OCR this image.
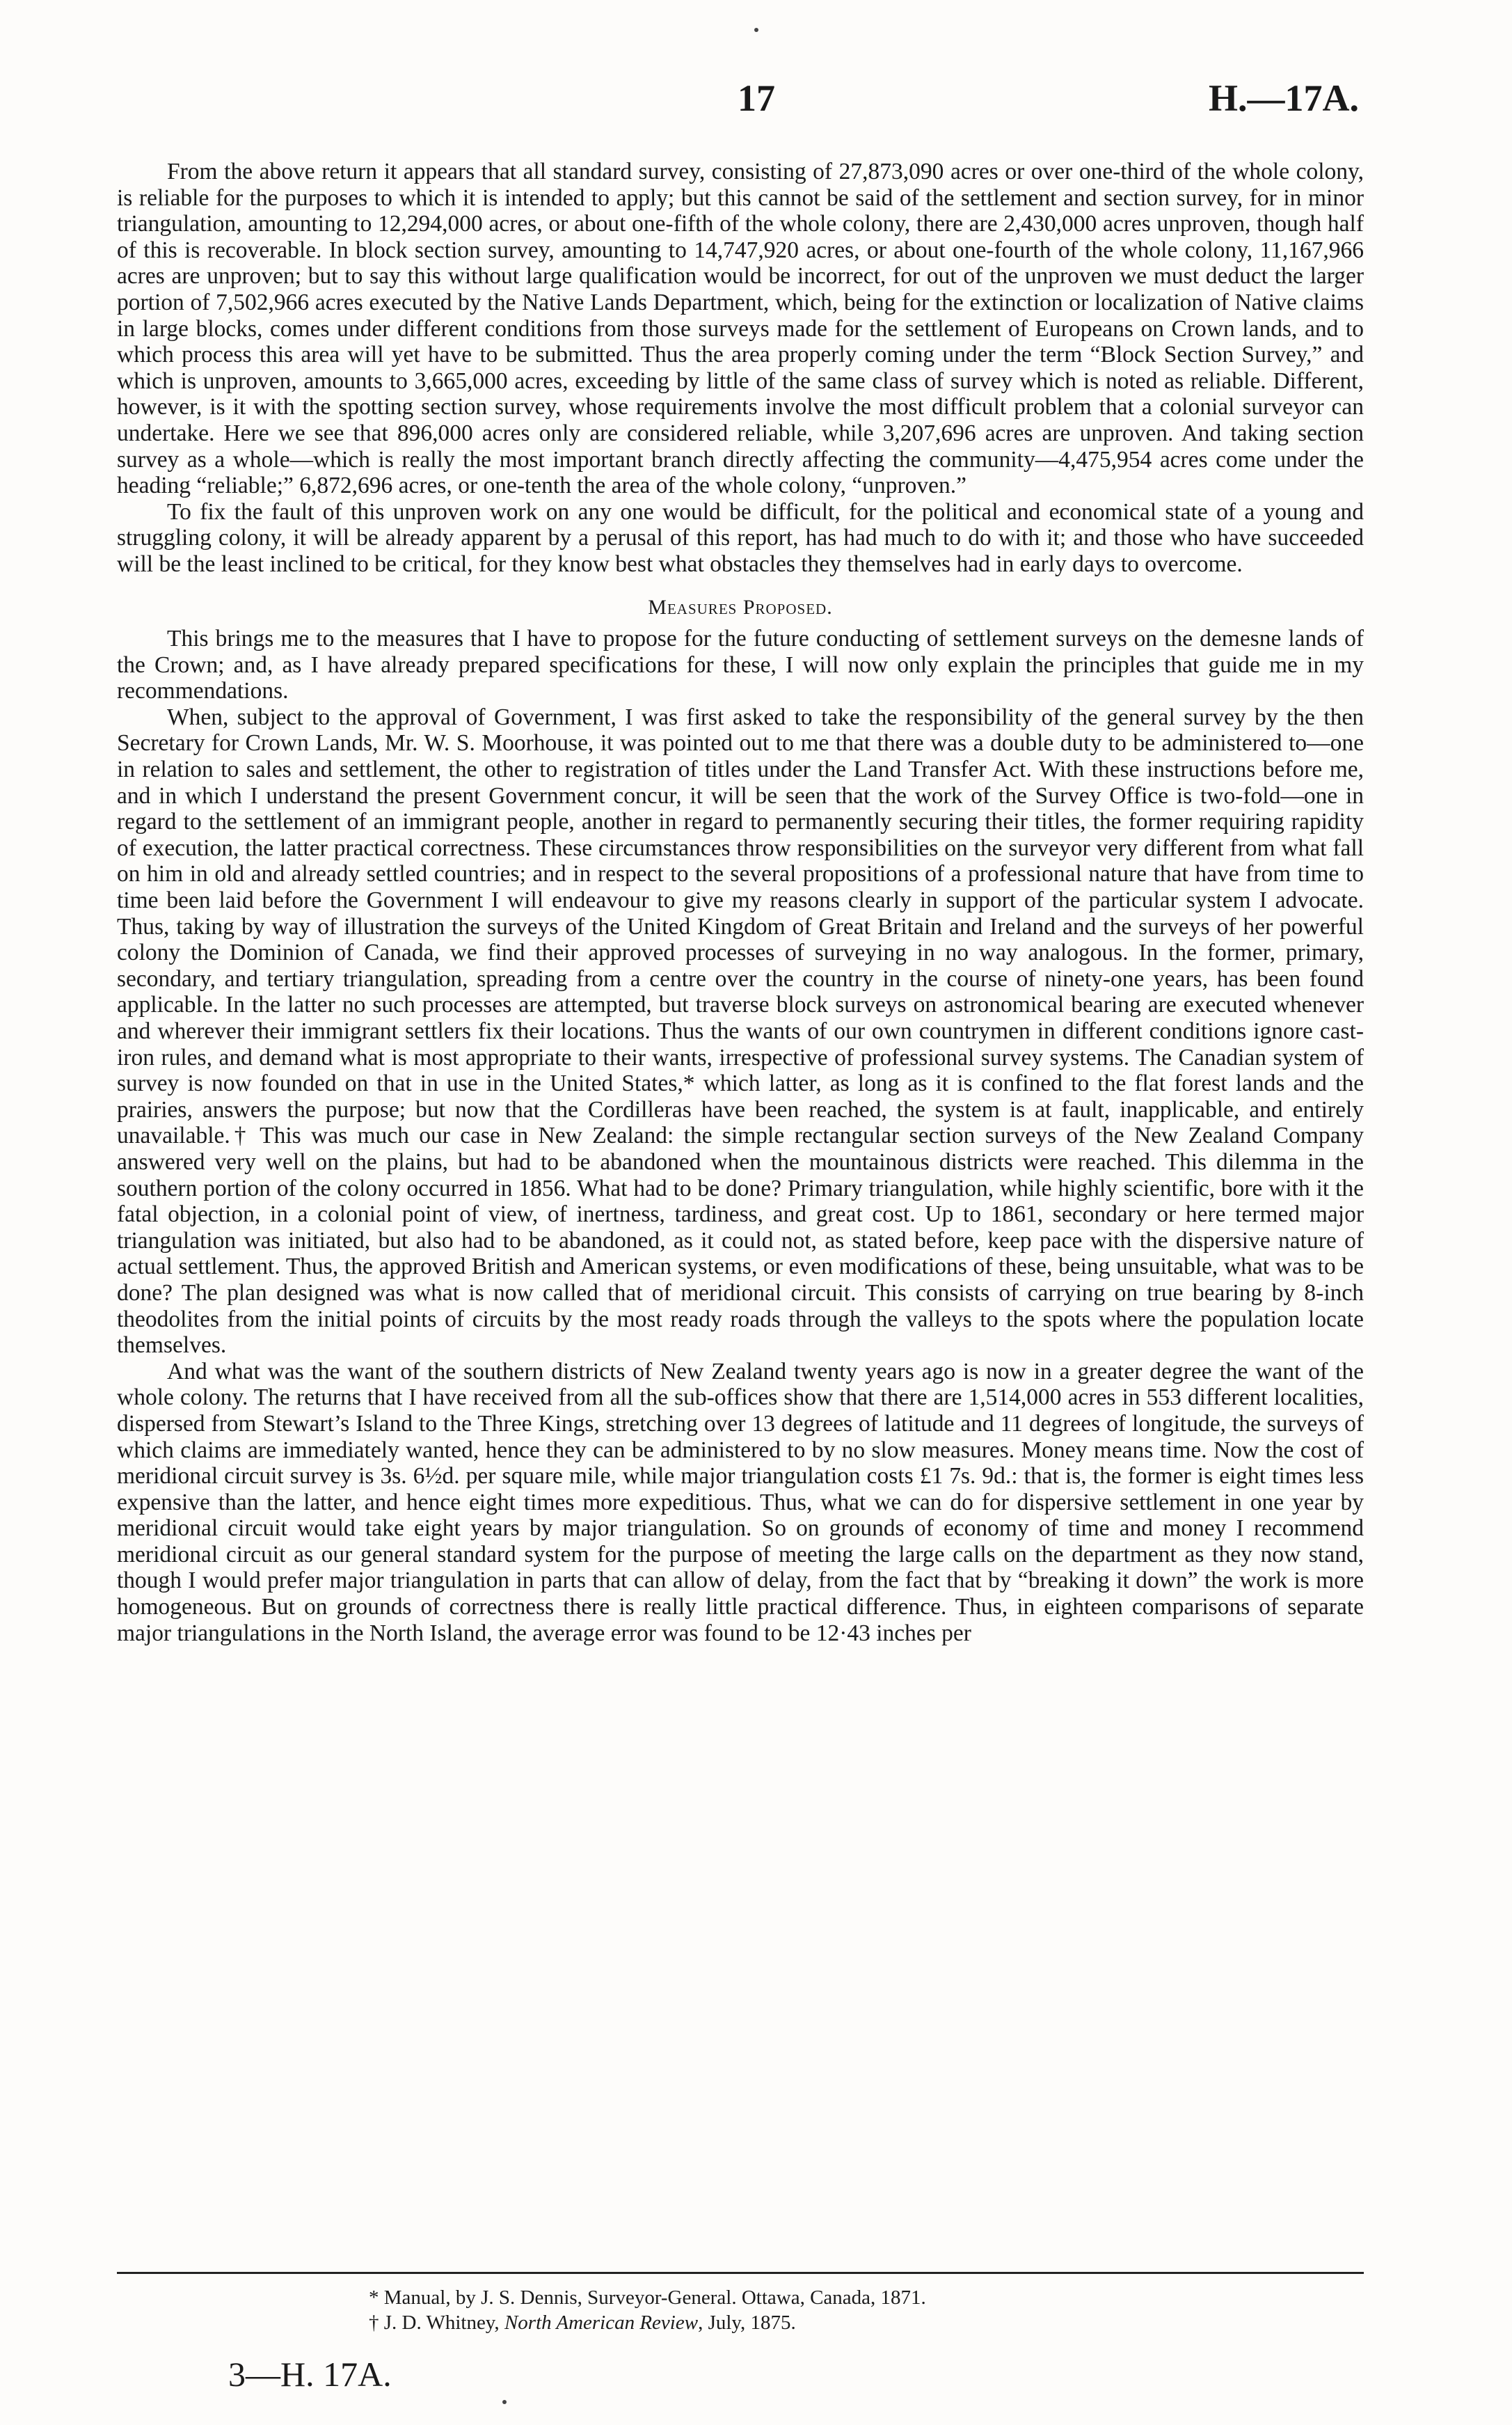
17	H.—17A.

From the above return it appears that all standard survey, consisting of 27,873,090 acres or over one-third of the whole colony, is reliable for the purposes to which it is intended to apply; but this cannot be said of the settlement and section survey, for in minor triangulation, amounting to 12,294,000 acres, or about one-fifth of the whole colony, there are 2,430,000 acres unproven, though half of this is recoverable. In block section survey, amounting to 14,747,920 acres, or about one-fourth of the whole colony, 11,167,966 acres are unproven; but to say this without large qualification would be incorrect, for out of the unproven we must deduct the larger portion of 7,502,966 acres executed by the Native Lands Department, which, being for the extinction or localization of Native claims in large blocks, comes under different conditions from those surveys made for the settlement of Europeans on Crown lands, and to which process this area will yet have to be submitted. Thus the area properly coming under the term “Block Section Survey,” and which is unproven, amounts to 3,665,000 acres, exceeding by little of the same class of survey which is noted as reliable. Different, however, is it with the spotting section survey, whose requirements involve the most difficult problem that a colonial surveyor can undertake. Here we see that 896,000 acres only are considered reliable, while 3,207,696 acres are unproven. And taking section survey as a whole—which is really the most important branch directly affecting the community—4,475,954 acres come under the heading “reliable;” 6,872,696 acres, or one-tenth the area of the whole colony, “unproven.”

To fix the fault of this unproven work on any one would be difficult, for the political and economical state of a young and struggling colony, it will be already apparent by a perusal of this report, has had much to do with it; and those who have succeeded will be the least inclined to be critical, for they know best what obstacles they themselves had in early days to overcome.

Measures Proposed.

This brings me to the measures that I have to propose for the future conducting of settlement surveys on the demesne lands of the Crown; and, as I have already prepared specifications for these, I will now only explain the principles that guide me in my recommendations.

When, subject to the approval of Government, I was first asked to take the responsibility of the general survey by the then Secretary for Crown Lands, Mr. W. S. Moorhouse, it was pointed out to me that there was a double duty to be administered to—one in relation to sales and settlement, the other to registration of titles under the Land Transfer Act. With these instructions before me, and in which I understand the present Government concur, it will be seen that the work of the Survey Office is two-fold—one in regard to the settlement of an immigrant people, another in regard to permanently securing their titles, the former requiring rapidity of execution, the latter practical correctness. These circumstances throw responsibilities on the surveyor very different from what fall on him in old and already settled countries; and in respect to the several propositions of a professional nature that have from time to time been laid before the Government I will endeavour to give my reasons clearly in support of the particular system I advocate. Thus, taking by way of illustration the surveys of the United Kingdom of Great Britain and Ireland and the surveys of her powerful colony the Dominion of Canada, we find their approved processes of surveying in no way analogous. In the former, primary, secondary, and tertiary triangulation, spreading from a centre over the country in the course of ninety-one years, has been found applicable. In the latter no such processes are attempted, but traverse block surveys on astronomical bearing are executed whenever and wherever their immigrant settlers fix their locations. Thus the wants of our own countrymen in different conditions ignore cast-iron rules, and demand what is most appropriate to their wants, irrespective of professional survey systems. The Canadian system of survey is now founded on that in use in the United States,* which latter, as long as it is confined to the flat forest lands and the prairies, answers the purpose; but now that the Cordilleras have been reached, the system is at fault, inapplicable, and entirely unavailable.† This was much our case in New Zealand: the simple rectangular section surveys of the New Zealand Company answered very well on the plains, but had to be abandoned when the mountainous districts were reached. This dilemma in the southern portion of the colony occurred in 1856. What had to be done? Primary triangulation, while highly scientific, bore with it the fatal objection, in a colonial point of view, of inertness, tardiness, and great cost. Up to 1861, secondary or here termed major triangulation was initiated, but also had to be abandoned, as it could not, as stated before, keep pace with the dispersive nature of actual settlement. Thus, the approved British and American systems, or even modifications of these, being unsuitable, what was to be done? The plan designed was what is now called that of meridional circuit. This consists of carrying on true bearing by 8-inch theodolites from the initial points of circuits by the most ready roads through the valleys to the spots where the population locate themselves.

And what was the want of the southern districts of New Zealand twenty years ago is now in a greater degree the want of the whole colony. The returns that I have received from all the sub-offices show that there are 1,514,000 acres in 553 different localities, dispersed from Stewart’s Island to the Three Kings, stretching over 13 degrees of latitude and 11 degrees of longitude, the surveys of which claims are immediately wanted, hence they can be administered to by no slow measures. Money means time. Now the cost of meridional circuit survey is 3s. 6½d. per square mile, while major triangulation costs £1 7s. 9d.: that is, the former is eight times less expensive than the latter, and hence eight times more expeditious. Thus, what we can do for dispersive settlement in one year by meridional circuit would take eight years by major triangulation. So on grounds of economy of time and money I recommend meridional circuit as our general standard system for the purpose of meeting the large calls on the department as they now stand, though I would prefer major triangulation in parts that can allow of delay, from the fact that by “breaking it down” the work is more homogeneous. But on grounds of correctness there is really little practical difference. Thus, in eighteen comparisons of separate major triangulations in the North Island, the average error was found to be 12·43 inches per

* Manual, by J. S. Dennis, Surveyor-General. Ottawa, Canada, 1871.

† J. D. Whitney, North American Review, July, 1875.

3—H. 17A.
